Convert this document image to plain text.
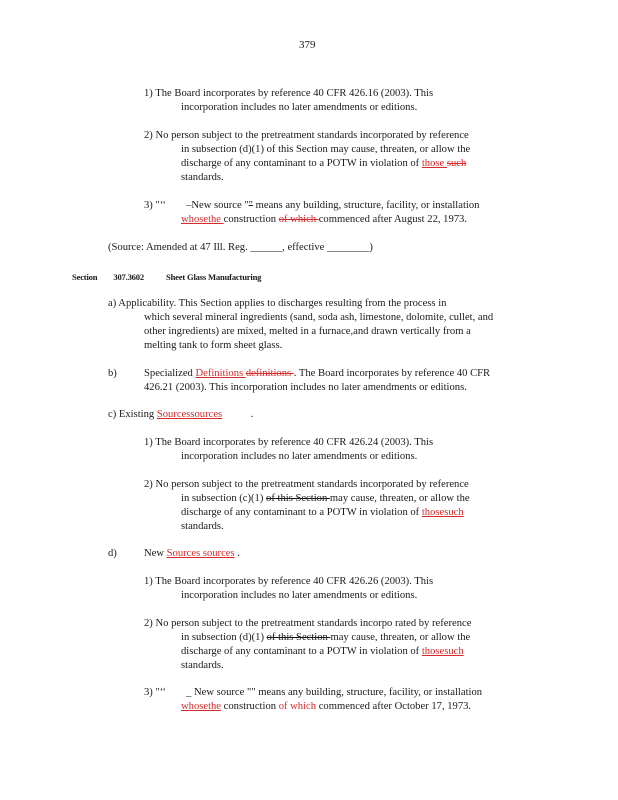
379
1) The Board incorporates by reference 40 CFR 426.16 (2003). This
incorporation includes no later amendments or editions.
2) No person subject to the pretreatment standards incorporated by reference
in subsection (d)(1) of this Section may cause, threaten, or allow the
discharge of any contaminant to a POTW in violation of those such
standards.
3) "‘‘ –New source "" means any building, structure, facility, or installation
whosethe construction of which commenced after August 22, 1973.
(Source: Amended at 47 Ill. Reg. ______, effective ________)
Section 307.3602	Sheet Glass Manufacturing
a) Applicability. This Section applies to discharges resulting from the process in
which several mineral ingredients (sand, soda ash, limestone, dolomite, cullet, and
other ingredients) are mixed, melted in a furnace,and drawn vertically from a
melting tank to form sheet glass.
b)	Specialized Definitions definitions . The Board incorporates by reference 40 CFR
426.21 (2003). This incorporation includes no later amendments or editions.
c) Existing Sourcessources .
1) The Board incorporates by reference 40 CFR 426.24 (2003). This
incorporation includes no later amendments or editions.
2) No person subject to the pretreatment standards incorporated by reference
in subsection (c)(1) of this Section may cause, threaten, or allow the
discharge of any contaminant to a POTW in violation of thosesuch
standards.
d)	New Sources sources .
1) The Board incorporates by reference 40 CFR 426.26 (2003). This
incorporation includes no later amendments or editions.
2) No person subject to the pretreatment standards incorpo rated by reference
in subsection (d)(1) of this Section may cause, threaten, or allow the
discharge of any contaminant to a POTW in violation of thosesuch
standards.
3) "‘‘ _ New source "" means any building, structure, facility, or installation
whosethe construction of which commenced after October 17, 1973.
